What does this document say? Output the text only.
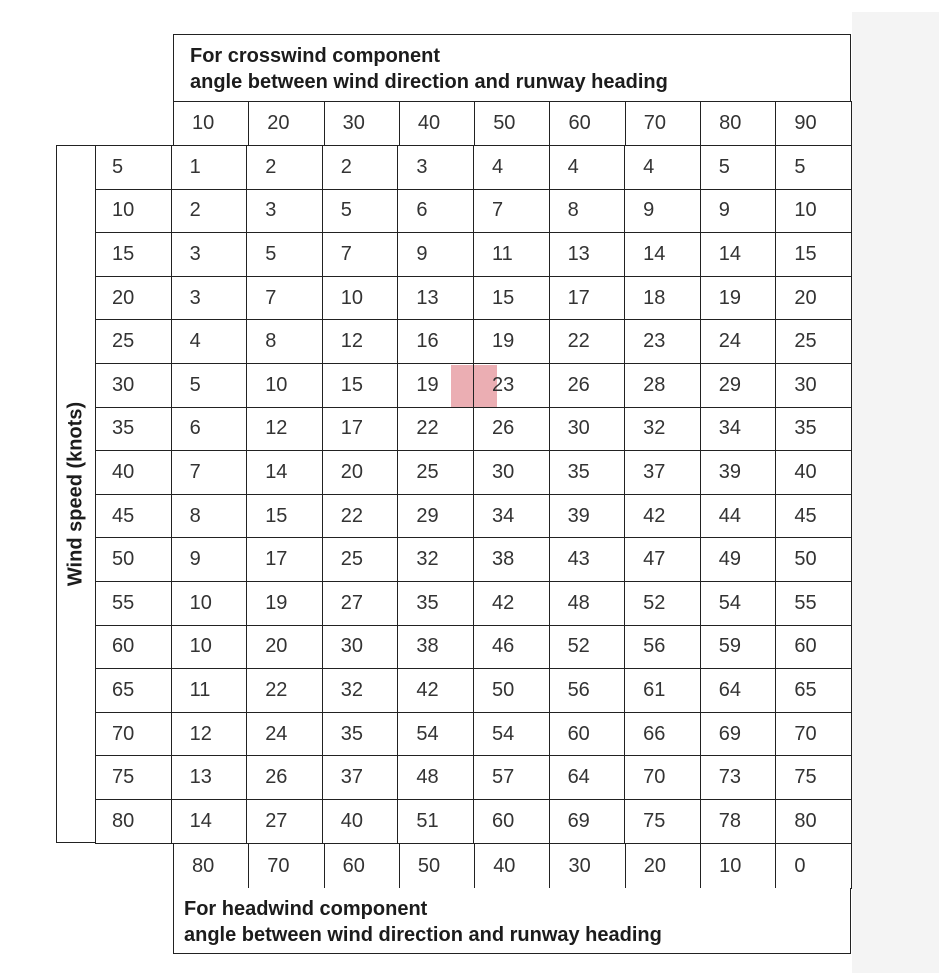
For crosswind component
angle between wind direction and runway heading
10	20	30	40	50	60	70	80	90
Wind speed (knots)
5	1	2	2	3	4	4	4	5	5
10	2	3	5	6	7	8	9	9	10
15	3	5	7	9	11	13	14	14	15
20	3	7	10	13	15	17	18	19	20
25	4	8	12	16	19	22	23	24	25
30	5	10	15	19	23	26	28	29	30
35	6	12	17	22	26	30	32	34	35
40	7	14	20	25	30	35	37	39	40
45	8	15	22	29	34	39	42	44	45
50	9	17	25	32	38	43	47	49	50
55	10	19	27	35	42	48	52	54	55
60	10	20	30	38	46	52	56	59	60
65	11	22	32	42	50	56	61	64	65
70	12	24	35	54	54	60	66	69	70
75	13	26	37	48	57	64	70	73	75
80	14	27	40	51	60	69	75	78	80
80	70	60	50	40	30	20	10	0
For headwind component
angle between wind direction and runway heading
